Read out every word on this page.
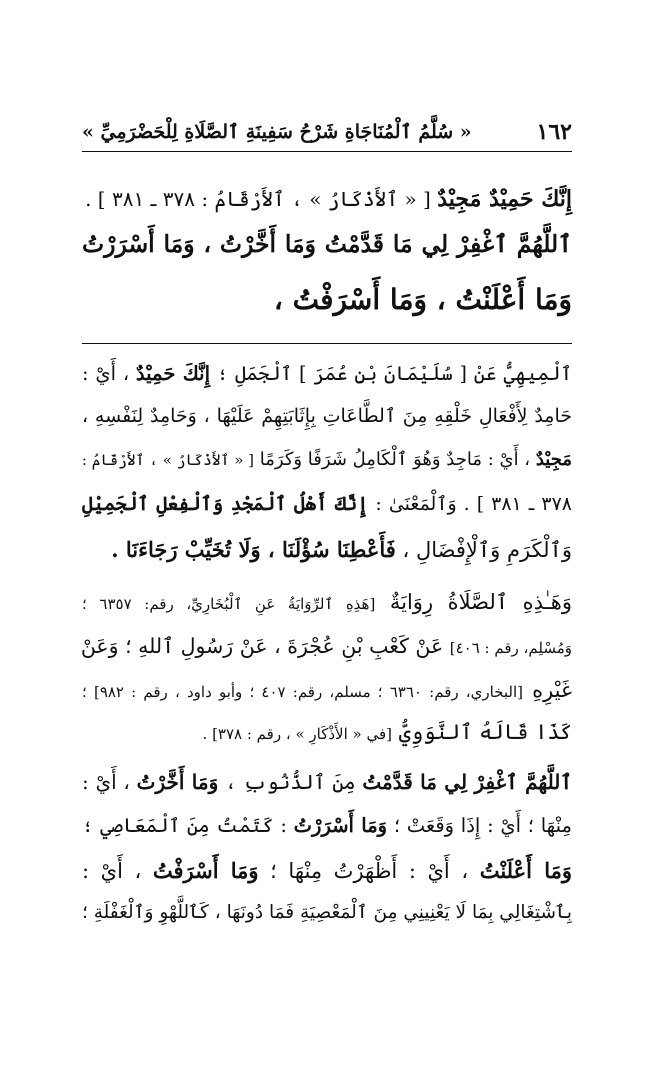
« سُلَّمُ ٱلْمُنَاجَاةِ شَرْحُ سَفِينَةِ ٱلصَّلَاةِ لِلْحَضْرَمِيِّ »	١٦٢
إِنَّكَ حَمِيْدٌ مَجِيْدٌ [ « ٱلأَذْكَارُ » ، ٱلأَرْقَامُ : ٣٧٨ ـ ٣٨١ ] .
ٱللَّهُمَّ ٱغْفِرْ لِي مَا قَدَّمْتُ وَمَا أَخَّرْتُ ، وَمَا أَسْرَرْتُ
وَمَا أَعْلَنْتُ ، وَمَا أَسْرَفْتُ ،
ٱلْمِيهِيُّ عَنْ [ سُلَيْمَانَ بْنِ عُمَرَ ] ٱلْجَمَلِ ؛ إِنَّكَ حَمِيْدٌ ، أَيْ :
حَامِدٌ لِأَفْعَالِ خَلْقِهِ مِنَ ٱلطَّاعَاتِ بِإِثَابَتِهِمْ عَلَيْهَا ، وَحَامِدٌ لِنَفْسِهِ ،
مَجِيْدٌ ، أَيْ : مَاجِدٌ وَهُوَ ٱلْكَامِلُ شَرَفًا وَكَرَمًا [ « ٱلأَذْكَارُ » ، ٱلأَرْقَامُ :
٣٧٨ ـ ٣٨١ ] . وَٱلْمَعْنَىٰ : إِنَّكَ أَهْلُ ٱلْمَجْدِ وَٱلْفِعْلِ ٱلْجَمِيْلِ
وَٱلْكَرَمِ وَٱلْإِفْضَالِ ، فَأَعْطِنَا سُؤْلَنَا ، وَلَا تُخَيِّبْ رَجَاءَنَا .
وَهَـٰذِهِ ٱلصَّلَاةُ رِوَايَةٌ [هَذِهِ ٱلرِّوَايَةُ عَنِ ٱلْبُخَارِيِّ، رقم: ٦٣٥٧ ؛
وَمُسْلِم، رقم : ٤٠٦] عَنْ كَعْبِ بْنِ عُجْرَةَ ، عَنْ رَسُولِ ٱللهِ ؛ وَعَنْ
غَيْرِهِ [البخاري، رقم: ٦٣٦٠ ؛ مسلم، رقم: ٤٠٧ ؛ وأبو داود ، رقم : ٩٨٢] ؛
كَذَا قَالَهُ ٱلنَّوَوِيُّ [في « الأَذْكَارِ » ، رقم : ٣٧٨] .
ٱللَّهُمَّ ٱغْفِرْ لِي مَا قَدَّمْتُ مِنَ ٱلذُّنُوبِ ، وَمَا أَخَّرْتُ ، أَيْ :
مِنْهَا ؛ أَيْ : إِذَا وَقَعَتْ ؛ وَمَا أَسْرَرْتُ : كَتَمْتُ مِنَ ٱلْمَعَاصِي ؛
وَمَا أَعْلَنْتُ ، أَيْ : أَظْهَرْتُ مِنْهَا ؛ وَمَا أَسْرَفْتُ ، أَيْ :
بِٱشْتِغَالِي بِمَا لَا يَعْنِينِي مِنَ ٱلْمَعْصِيَةِ فَمَا دُونَهَا ، كَٱللَّهْوِ وَٱلْغَفْلَةِ ؛
